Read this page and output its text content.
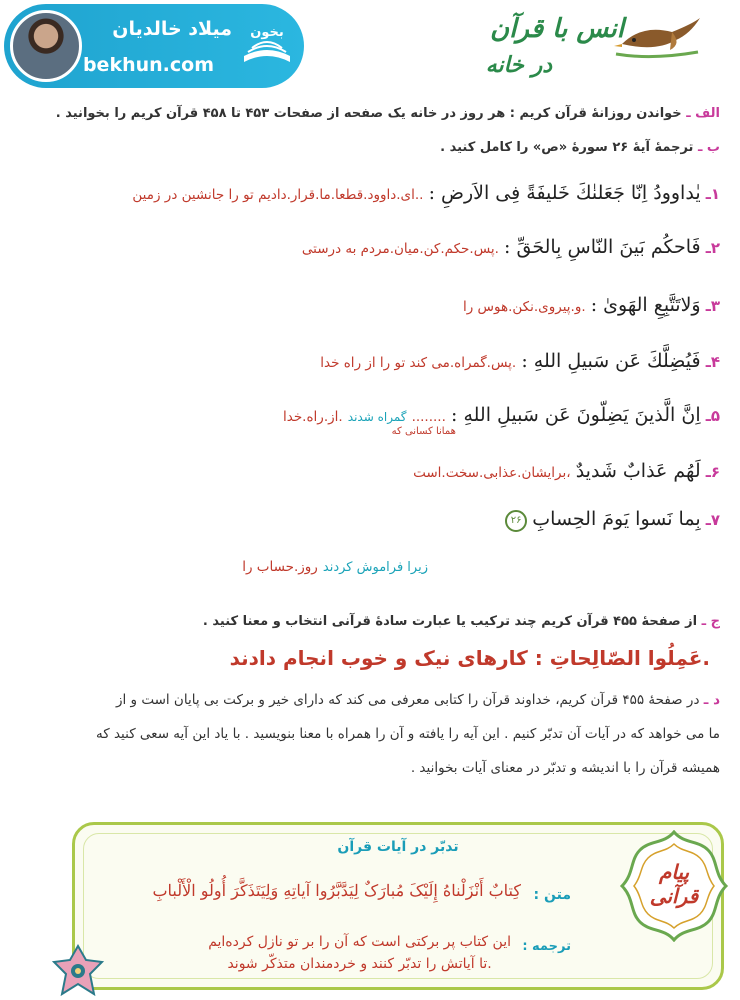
میلاد خالدیان
bekhun.com
بخون	انس با قرآن
در خانه
الف ـ خواندن روزانهٔ قرآن کریم : هر روز در خانه یک صفحه از صفحات ۴۵۳ تا ۴۵۸ قرآن کریم را بخوانید .
ب ـ ترجمهٔ آیهٔ ۲۶ سورهٔ «ص» را کامل کنید .
۱ـ یٰداوودُ اِنّا جَعَلنٰكَ خَلیفَةً فِی الاَرضِ : ..ای.داوود.قطعا.ما.قرار.دادیم تو را جانشین در زمین
۲ـ فَاحكُم بَینَ النّاسِ بِالحَقِّ : .پس.حکم.کن.میان.مردم به درستی
۳ـ وَلاتَتَّبِعِ الهَویٰ : .و.پیروی.نکن.هوس را
۴ـ فَیُضِلَّكَ عَن سَبیلِ اللهِ : .پس.گمراه.می کند تو را از راه خدا
۵ـ اِنَّ الَّذینَ یَضِلّونَ عَن سَبیلِ اللهِ : ........
همانا کسانی که
گمراه شدند .از.راه.خدا
۶ـ لَهُم عَذابٌ شَدیدٌ ،برایشان.عذابی.سخت.است
۷ـ بِما نَسوا یَومَ الحِسابِ ۲۶
زیرا فراموش کردند روز.حساب را
ج ـ از صفحهٔ ۴۵۵ قرآن کریم چند ترکیب یا عبارت سادهٔ قرآنی انتخاب و معنا کنید .
.عَمِلُوا الصّالِحاتِ : کارهای نیک و خوب انجام دادند
د ـ در صفحهٔ ۴۵۵ قرآن کریم، خداوند قرآن را کتابی معرفی می کند که دارای خیر و برکت بی پایان است و از
ما می خواهد که در آیات آن تدبّر کنیم . این آیه را یافته و آن را همراه با معنا بنویسید . با یاد این آیه سعی کنید که
همیشه قرآن را با اندیشه و تدبّر در معنای آیات بخوانید .
تدبّر در آیات قرآن
متن :
کِتابٌ أَنْزَلْناهُ إِلَیْکَ مُبارَکٌ لِیَدَّبَّرُوا آیاتِهِ وَلِیَتَذَکَّرَ أُولُو الْأَلْبابِ
ترجمه :
این کتاب پر برکتی است که آن را بر تو نازل کرده‌ایم
.تا آیاتش را تدبّر کنند و خردمندان متذکّر شوند
پیام قرآنی
